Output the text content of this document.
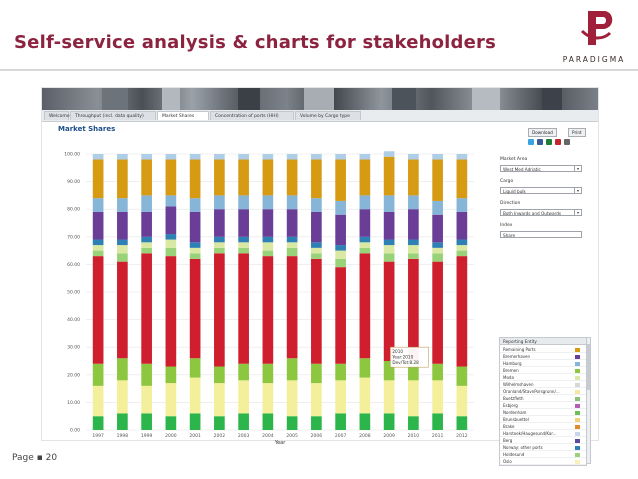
Self-service analysis & charts for stakeholders
PARADIGMA
Welcome	Throughput (incl. data quality)	Market Shares	Concentration of ports (HHI)	Volume by Cargo type
Market Shares
0.00
10.00
20.00
30.00
40.00
50.00
60.00
70.00
80.00
90.00
100.00
1997	1998	1999	2000	2001	2002	2003	2004	2005	2006	2007	2008	2009	2010	2011	2012
Year
2010
Year:2010
Dev/Tot:8.28
Download	Print
Market Area
West Med Adriatic	▾
Cargo
Liquid bulk	▾
Direction
Both Inwards and Outwards	▾
Index
Share
Reporting Entity
Remaining Ports
Bremerhaven
Hamburg
Bremen
Moda
Wilhelmshaven
Oranland/StavnPorsgrunn/...
Buetzfleth
Esbjerg
Nordenham
Brunsbuettel
Brake
Harstoek/Haugesund/Kar...
Berg
Norway: other ports
Holdesund
Oslo
Page ▪ 20
